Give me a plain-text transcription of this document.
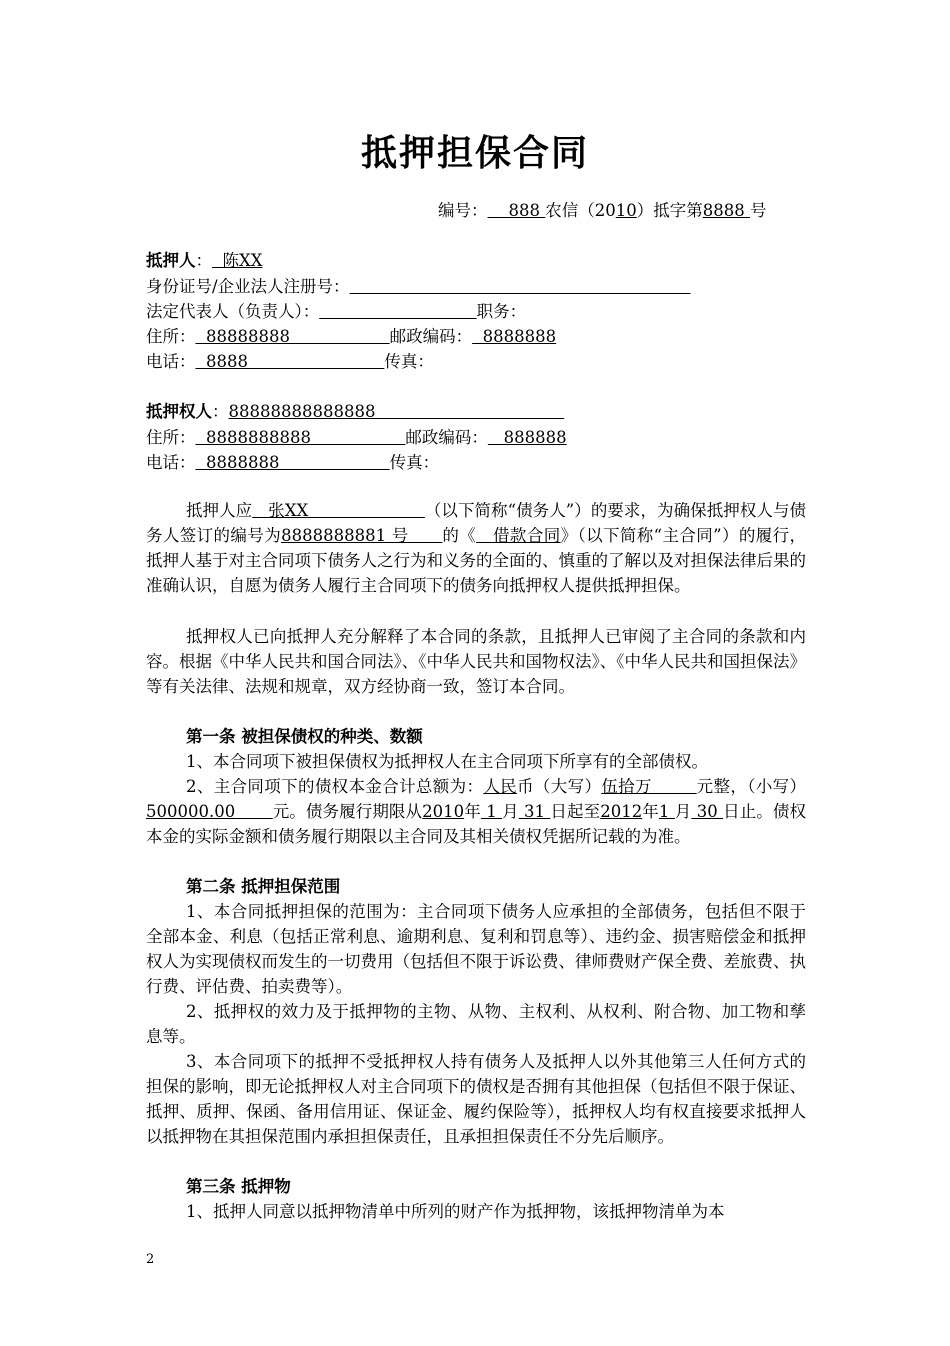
抵押担保合同
编号：    888 农信（2010）抵字第8888 号
抵押人：  陈XX
身份证号/企业法人注册号：
法定代表人（负责人）：	职务：
住所：  88888888                   邮政编码：  8888888
电话：  8888                          传真：
抵押权人：88888888888888
住所：  8888888888                  邮政编码：   888888
电话：  8888888                     传真：
抵押人应   张XX                      （以下简称“债务人”）的要求，为确保抵押权人与债务人签订的编号为8888888881 号      的《   借款合同》（以下简称“主合同”）的履行，抵押人基于对主合同项下债务人之行为和义务的全面的、慎重的了解以及对担保法律后果的准确认识，自愿为债务人履行主合同项下的债务向抵押权人提供抵押担保。
抵押权人已向抵押人充分解释了本合同的条款，且抵押人已审阅了主合同的条款和内容。根据《中华人民共和国合同法》、《中华人民共和国物权法》、《中华人民共和国担保法》等有关法律、法规和规章，双方经协商一致，签订本合同。
第一条 被担保债权的种类、数额
1、本合同项下被担保债权为抵押权人在主合同项下所享有的全部债权。
2、主合同项下的债权本金合计总额为：人民币（大写）伍拾万        元整，（小写）500000.00       元。债务履行期限从2010年 1 月 31 日起至2012年1 月 30 日止。债权本金的实际金额和债务履行期限以主合同及其相关债权凭据所记载的为准。
第二条 抵押担保范围
1、本合同抵押担保的范围为：主合同项下债务人应承担的全部债务，包括但不限于全部本金、利息（包括正常利息、逾期利息、复利和罚息等）、违约金、损害赔偿金和抵押权人为实现债权而发生的一切费用（包括但不限于诉讼费、律师费财产保全费、差旅费、执行费、评估费、拍卖费等）。
2、抵押权的效力及于抵押物的主物、从物、主权利、从权利、附合物、加工物和孳息等。
3、本合同项下的抵押不受抵押权人持有债务人及抵押人以外其他第三人任何方式的担保的影响，即无论抵押权人对主合同项下的债权是否拥有其他担保（包括但不限于保证、抵押、质押、保函、备用信用证、保证金、履约保险等），抵押权人均有权直接要求抵押人以抵押物在其担保范围内承担担保责任，且承担担保责任不分先后顺序。
第三条 抵押物
1、抵押人同意以抵押物清单中所列的财产作为抵押物，该抵押物清单为本
2
